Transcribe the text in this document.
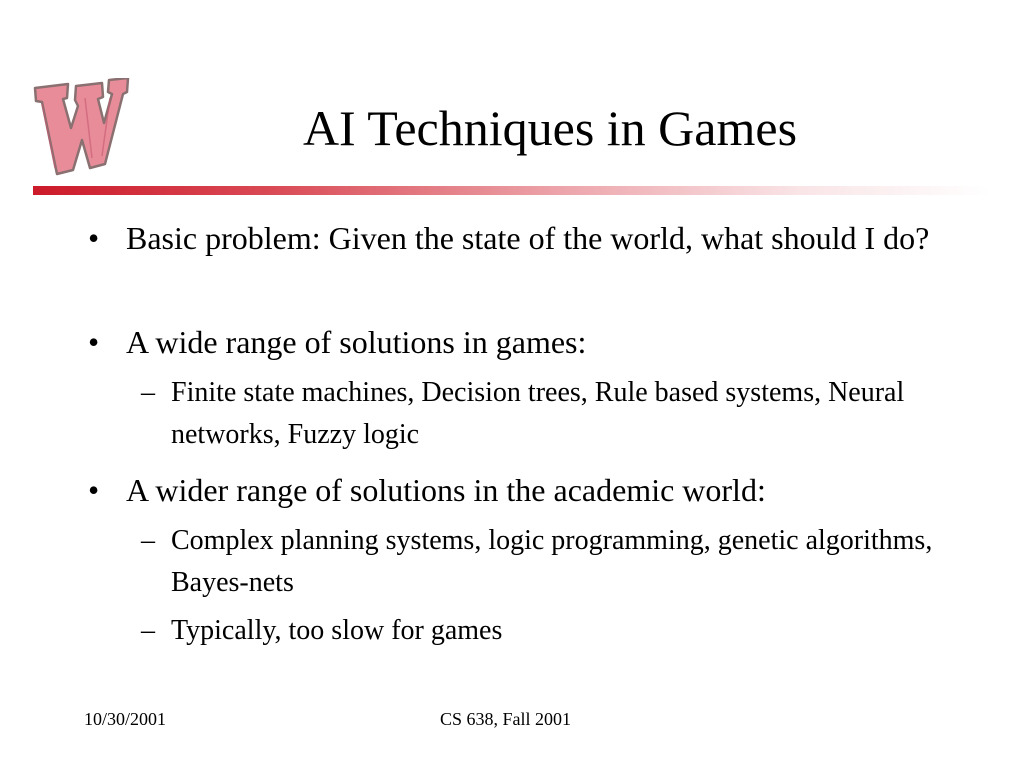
AI Techniques in Games
• Basic problem: Given the state of the world, what should I do?
• A wide range of solutions in games:
– Finite state machines, Decision trees, Rule based systems, Neural networks, Fuzzy logic
• A wider range of solutions in the academic world:
– Complex planning systems, logic programming, genetic algorithms, Bayes-nets
– Typically, too slow for games
10/30/2001	CS 638, Fall 2001
